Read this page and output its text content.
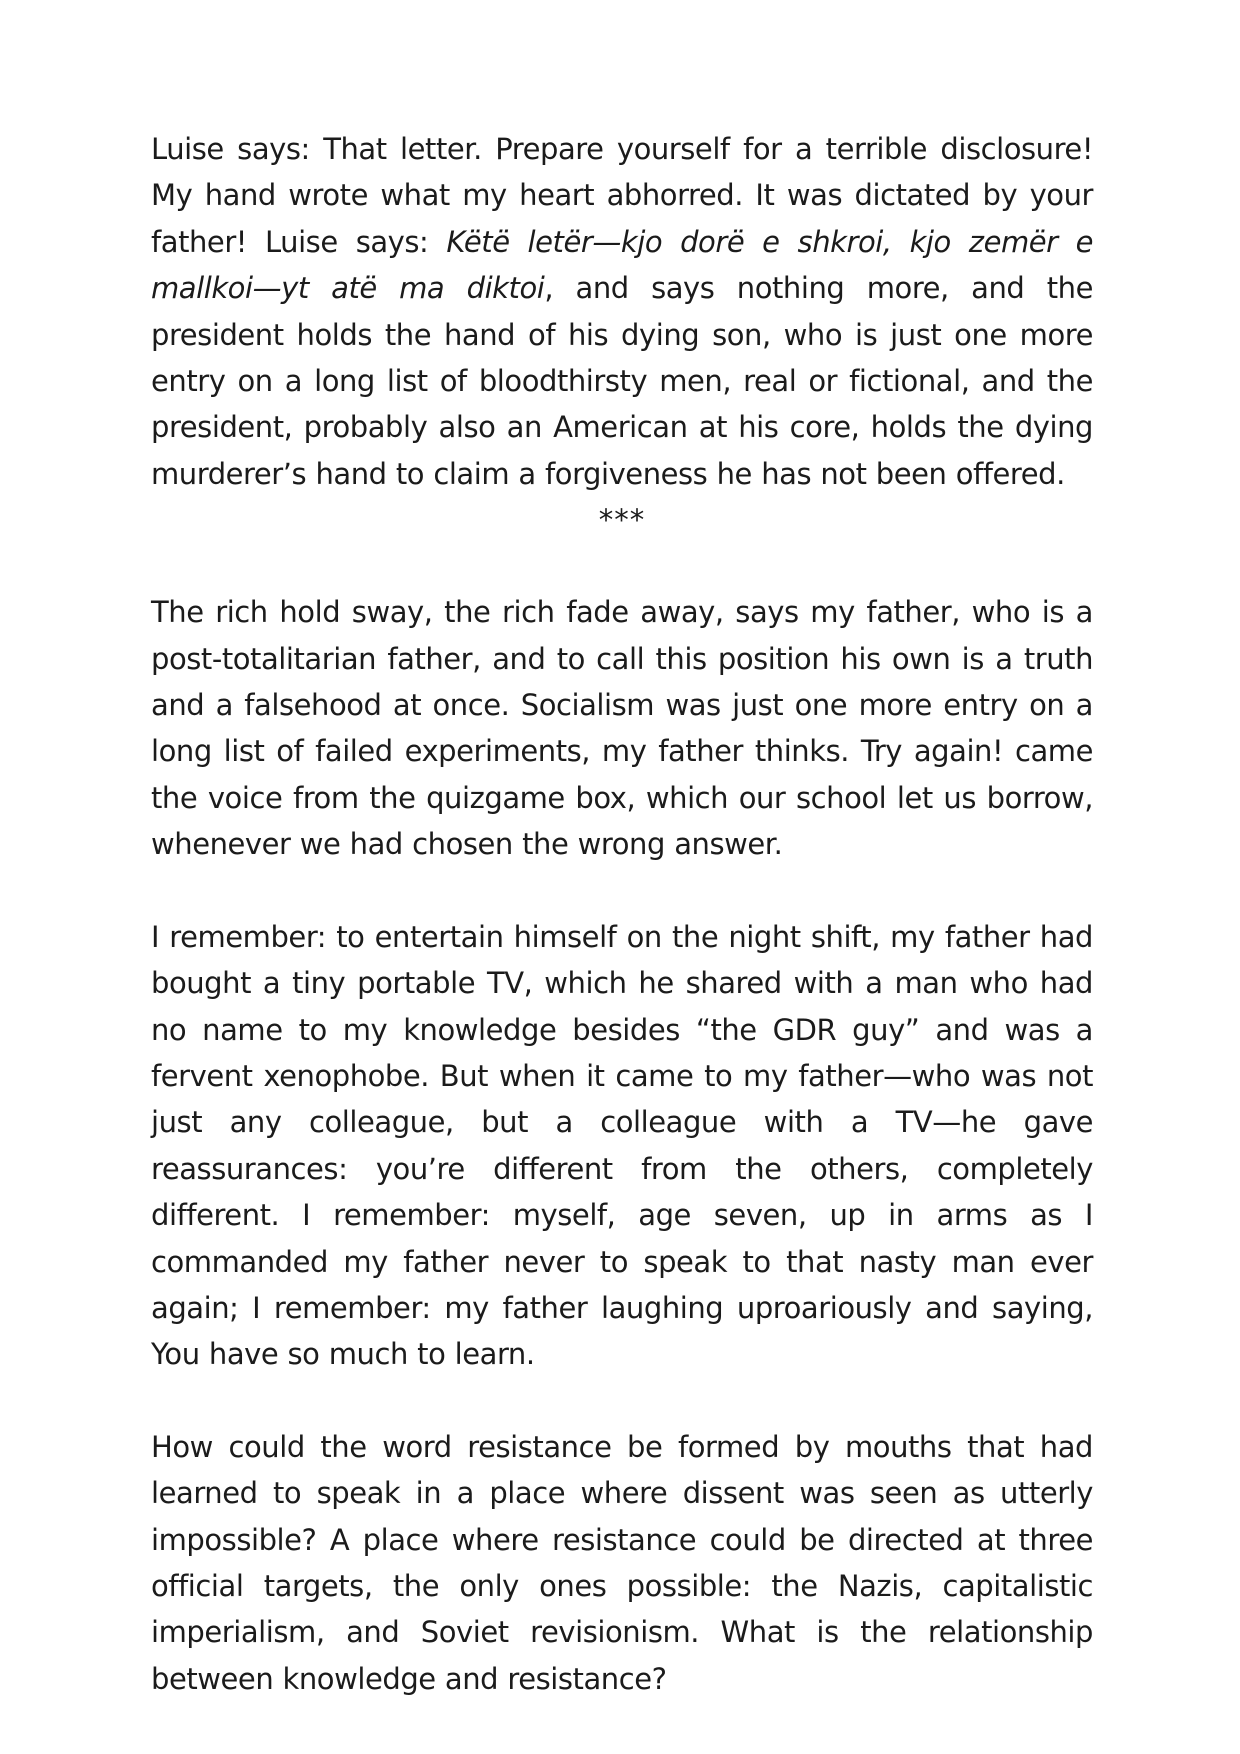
Luise says: That letter. Prepare yourself for a terrible disclosure! My hand wrote what my heart abhorred. It was dictated by your father! Luise says: Këtë letër—kjo dorë e shkroi, kjo zemër e mallkoi—yt atë ma diktoi, and says nothing more, and the president holds the hand of his dying son, who is just one more entry on a long list of bloodthirsty men, real or fictional, and the president, probably also an American at his core, holds the dying murderer’s hand to claim a forgiveness he has not been offered.

***

The rich hold sway, the rich fade away, says my father, who is a post-totalitarian father, and to call this position his own is a truth and a falsehood at once. Socialism was just one more entry on a long list of failed experiments, my father thinks. Try again! came the voice from the quizgame box, which our school let us borrow, whenever we had chosen the wrong answer.

I remember: to entertain himself on the night shift, my father had bought a tiny portable TV, which he shared with a man who had no name to my knowledge besides “the GDR guy” and was a fervent xenophobe. But when it came to my father—who was not just any colleague, but a colleague with a TV—he gave reassurances: you’re different from the others, completely different. I remember: myself, age seven, up in arms as I commanded my father never to speak to that nasty man ever again; I remember: my father laughing uproariously and saying, You have so much to learn.

How could the word resistance be formed by mouths that had learned to speak in a place where dissent was seen as utterly impossible? A place where resistance could be directed at three official targets, the only ones possible: the Nazis, capitalistic imperialism, and Soviet revisionism. What is the relationship between knowledge and resistance?
